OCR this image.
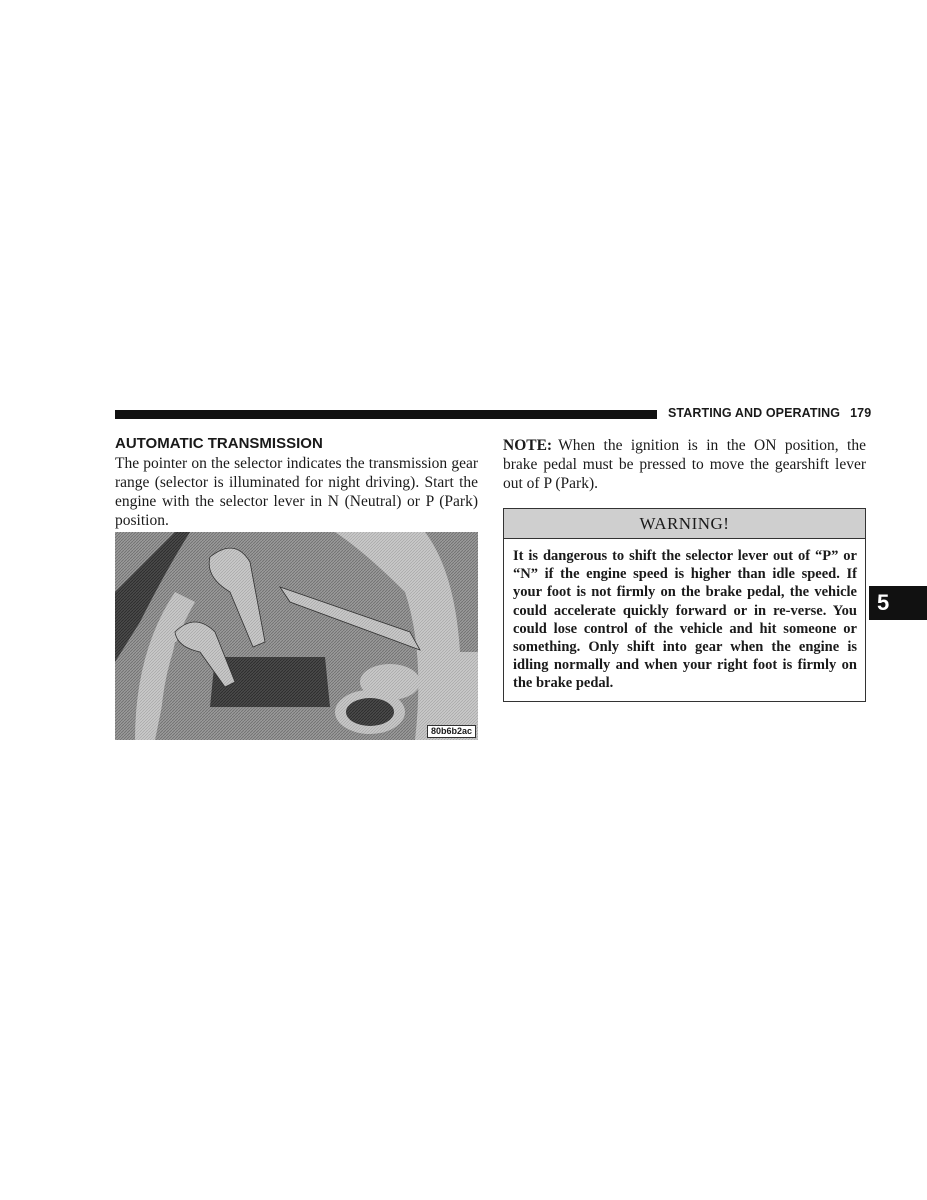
STARTING AND OPERATING 179
AUTOMATIC TRANSMISSION
The pointer on the selector indicates the transmission gear range (selector is illuminated for night driving). Start the engine with the selector lever in N (Neutral) or P (Park) position.
80b6b2ac
NOTE: When the ignition is in the ON position, the brake pedal must be pressed to move the gearshift lever out of P (Park).
WARNING!
It is dangerous to shift the selector lever out of “P” or “N” if the engine speed is higher than idle speed. If your foot is not firmly on the brake pedal, the vehicle could accelerate quickly forward or in re-verse. You could lose control of the vehicle and hit someone or something. Only shift into gear when the engine is idling normally and when your right foot is firmly on the brake pedal.
5
